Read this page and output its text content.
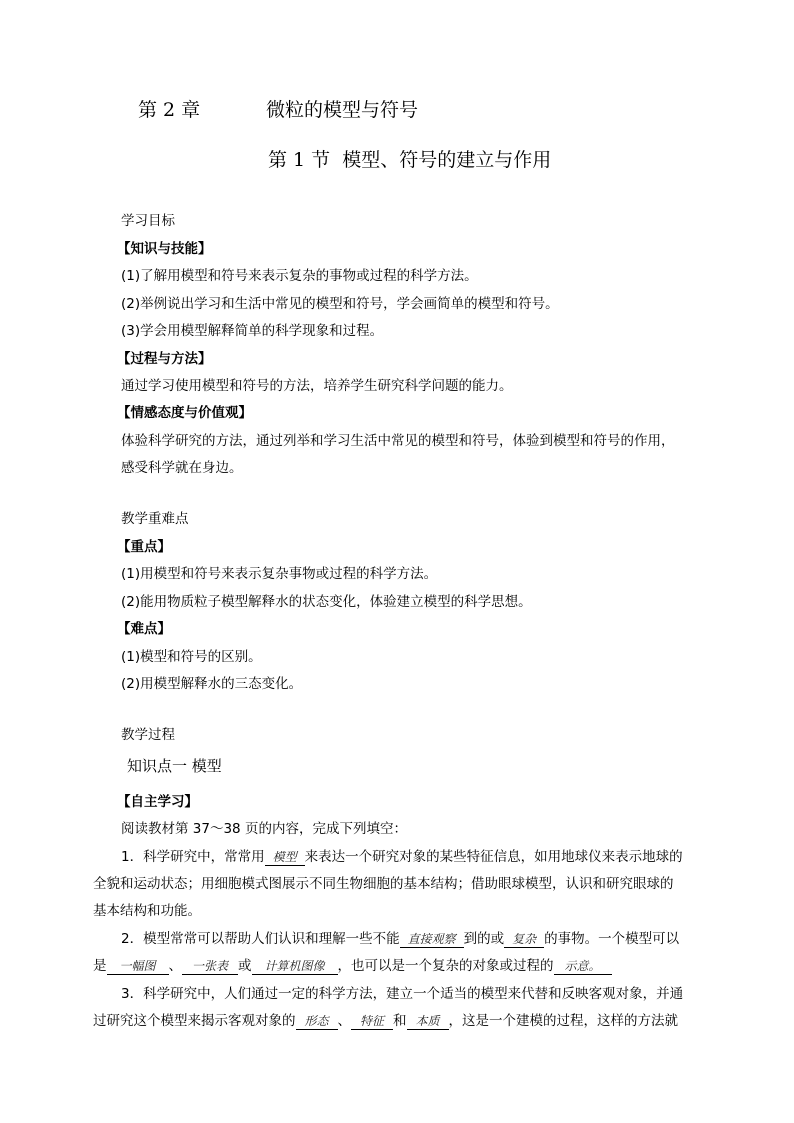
第 2 章	微粒的模型与符号
第 1 节 模型、符号的建立与作用
学习目标
【知识与技能】
(1)了解用模型和符号来表示复杂的事物或过程的科学方法。
(2)举例说出学习和生活中常见的模型和符号，学会画简单的模型和符号。
(3)学会用模型解释简单的科学现象和过程。
【过程与方法】
通过学习使用模型和符号的方法，培养学生研究科学问题的能力。
【情感态度与价值观】
体验科学研究的方法，通过列举和学习生活中常见的模型和符号，体验到模型和符号的作用，
感受科学就在身边。
教学重难点
【重点】
(1)用模型和符号来表示复杂事物或过程的科学方法。
(2)能用物质粒子模型解释水的状态变化，体验建立模型的科学思想。
【难点】
(1)模型和符号的区别。
(2)用模型解释水的三态变化。
教学过程
知识点一 模型
【自主学习】
阅读教材第 37～38 页的内容，完成下列填空：
1．科学研究中，常常用 模型 来表达一个研究对象的某些特征信息，如用地球仪来表示地球的
全貌和运动状态；用细胞模式图展示不同生物细胞的基本结构；借助眼球模型，认识和研究眼球的
基本结构和功能。
2．模型常常可以帮助人们认识和理解一些不能 直接观察 到的或 复杂 的事物。一个模型可以
是 一幅图 、 一张表 或 计算机图像 ，也可以是一个复杂的对象或过程的 示意。
3．科学研究中，人们通过一定的科学方法，建立一个适当的模型来代替和反映客观对象，并通
过研究这个模型来揭示客观对象的 形态 、 特征 和 本质 ，这是一个建模的过程，这样的方法就
